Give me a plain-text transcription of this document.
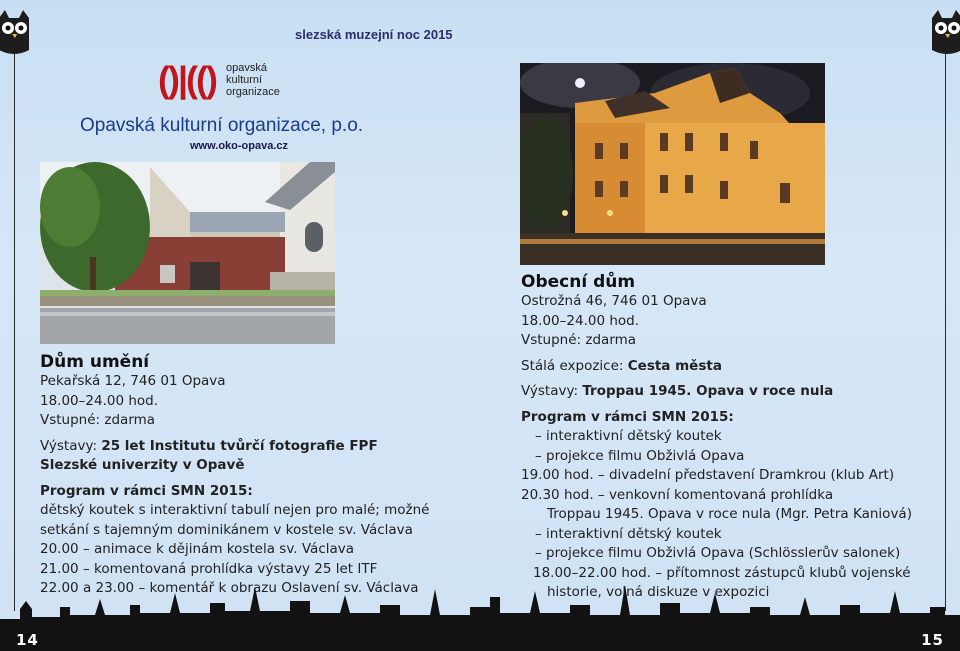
slezská muzejní noc 2015
()|(() opavská
kulturní
organizace
Opavská kulturní organizace, p.o.
www.oko-opava.cz

Dům umění

Pekařská 12, 746 01 Opava

18.00–24.00 hod.

Vstupné: zdarma

Výstavy: 25 let Institutu tvůrčí fotografie FPF Slezské univerzity v Opavě

Program v rámci SMN 2015:

dětský koutek s interaktivní tabulí nejen pro malé; možné setkání s tajemným dominikánem v kostele sv. Václava

20.00 – animace k dějinám kostela sv. Václava

21.00 – komentovaná prohlídka výstavy 25 let ITF

22.00 a 23.00 – komentář k obrazu Oslavení sv. Václava

Obecní dům

Ostrožná 46, 746 01 Opava

18.00–24.00 hod.

Vstupné: zdarma

Stálá expozice: Cesta města

Výstavy: Troppau 1945. Opava v roce nula

Program v rámci SMN 2015:

– interaktivní dětský koutek

– projekce filmu Obživlá Opava

19.00 hod. – divadelní představení Dramkrou (klub Art)

20.30 hod. – venkovní komentovaná prohlídka

Troppau 1945. Opava v roce nula (Mgr. Petra Kaniová)

– interaktivní dětský koutek

– projekce filmu Obživlá Opava (Schlösslerův salonek)

18.00–22.00 hod. – přítomnost zástupců klubů vojenské

historie, volná diskuze v expozici

14	15
